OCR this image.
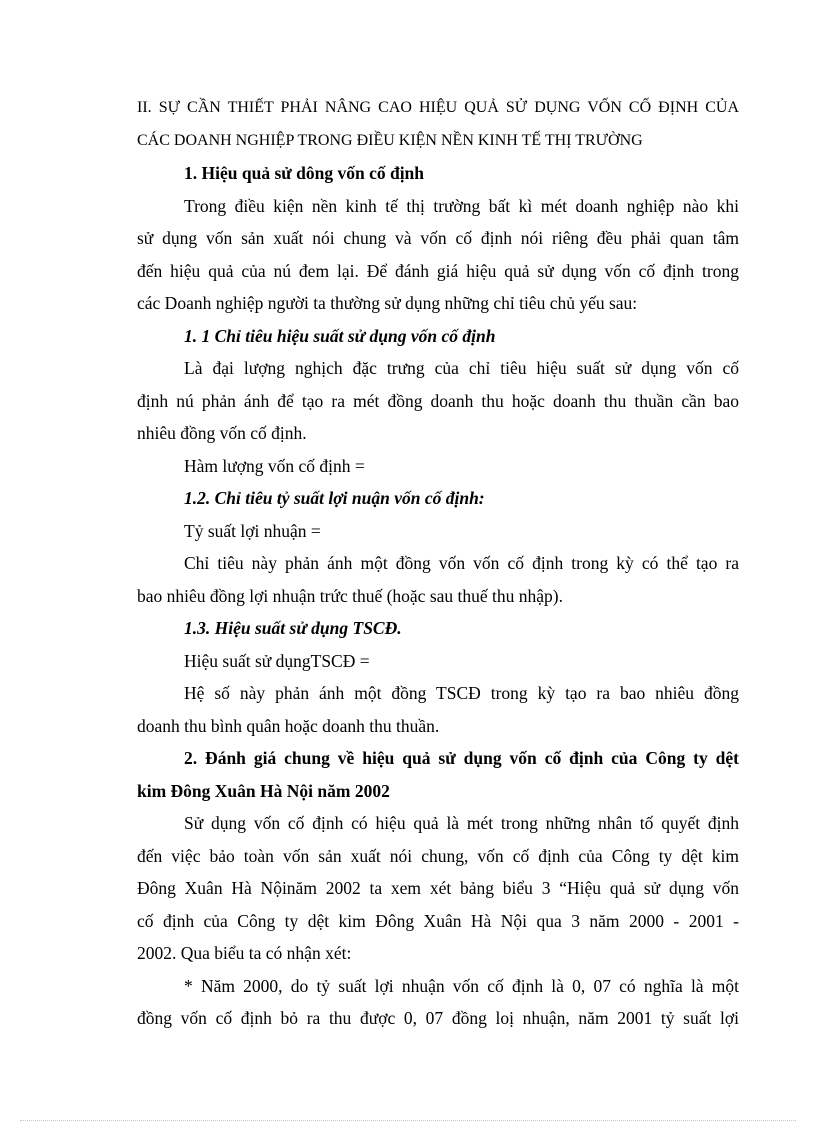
II. SỰ CẦN THIẾT PHẢI NÂNG CAO HIỆU QUẢ SỬ DỤNG VỐN CỐ ĐỊNH CỦA
CÁC DOANH NGHIỆP TRONG ĐIỀU KIỆN NỀN KINH TẾ THỊ TRƯỜNG
1. Hiệu quả sử dông vốn cố định
Trong điều kiện nền kinh tế thị trường bất kì mét doanh nghiệp nào khi
sử dụng vốn sản xuất nói chung và vốn cố định nói riêng đều phải quan tâm
đến hiệu quả của nú đem lại. Để đánh giá hiệu quả sử dụng vốn cố định trong
các Doanh nghiệp người ta thường sử dụng những chỉ tiêu chủ yếu sau:
1. 1 Chỉ tiêu hiệu suất sử dụng vốn cố định
Là đại lượng nghịch đặc trưng của chỉ tiêu hiệu suất sử dụng vốn cố
định nú phản ánh để tạo ra mét đồng doanh thu hoặc doanh thu thuần cần bao
nhiêu đồng vốn cố định.
Hàm lượng vốn cố định =
1.2. Chỉ tiêu tỷ suất lợi nuận vốn cố định:
Tỷ suất lợi nhuận =
Chỉ tiêu này phản ánh một đồng vốn vốn cố định trong kỳ có thể tạo ra
bao nhiêu đồng lợi nhuận trức thuế (hoặc sau thuế thu nhập).
1.3. Hiệu suất sử dụng TSCĐ.
Hiệu suất sử dụngTSCĐ =
Hệ số này phản ánh một đồng TSCĐ trong kỳ tạo ra bao nhiêu đồng
doanh thu bình quân hoặc doanh thu thuần.
2. Đánh giá chung về hiệu quả sử dụng vốn cố định của Công ty dệt
kim Đông Xuân Hà Nội năm 2002
Sử dụng vốn cố định có hiệu quả là mét trong những nhân tố quyết định
đến việc bảo toàn vốn sản xuất nói chung, vốn cố định của Công ty dệt kim
Đông Xuân Hà Nộinăm 2002 ta xem xét bảng biểu 3 “Hiệu quả sử dụng vốn
cố định của Công ty dệt kim Đông Xuân Hà Nội qua 3 năm 2000 - 2001 -
2002. Qua biểu ta có nhận xét:
* Năm 2000, do tỷ suất lợi nhuận vốn cố định là 0, 07 có nghĩa là một
đồng vốn cố định bỏ ra thu được 0, 07 đồng loị nhuận, năm 2001 tỷ suất lợi
